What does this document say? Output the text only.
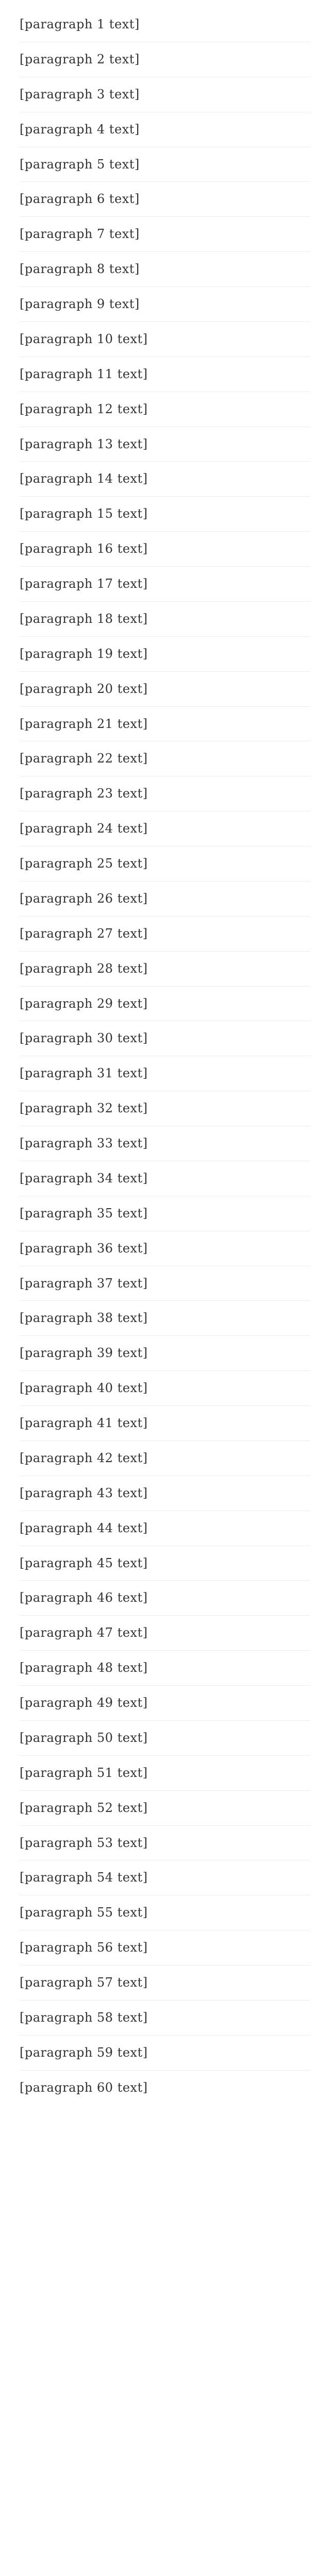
[paragraph 1 text]

[paragraph 2 text]

[paragraph 3 text]

[paragraph 4 text]

[paragraph 5 text]

[paragraph 6 text]

[paragraph 7 text]

[paragraph 8 text]

[paragraph 9 text]

[paragraph 10 text]

[paragraph 11 text]

[paragraph 12 text]

[paragraph 13 text]

[paragraph 14 text]

[paragraph 15 text]

[paragraph 16 text]

[paragraph 17 text]

[paragraph 18 text]

[paragraph 19 text]

[paragraph 20 text]

[paragraph 21 text]

[paragraph 22 text]

[paragraph 23 text]

[paragraph 24 text]

[paragraph 25 text]

[paragraph 26 text]

[paragraph 27 text]

[paragraph 28 text]

[paragraph 29 text]

[paragraph 30 text]

[paragraph 31 text]

[paragraph 32 text]

[paragraph 33 text]

[paragraph 34 text]

[paragraph 35 text]

[paragraph 36 text]

[paragraph 37 text]

[paragraph 38 text]

[paragraph 39 text]

[paragraph 40 text]

[paragraph 41 text]

[paragraph 42 text]

[paragraph 43 text]

[paragraph 44 text]

[paragraph 45 text]

[paragraph 46 text]

[paragraph 47 text]

[paragraph 48 text]

[paragraph 49 text]

[paragraph 50 text]

[paragraph 51 text]

[paragraph 52 text]

[paragraph 53 text]

[paragraph 54 text]

[paragraph 55 text]

[paragraph 56 text]

[paragraph 57 text]

[paragraph 58 text]

[paragraph 59 text]

[paragraph 60 text]
